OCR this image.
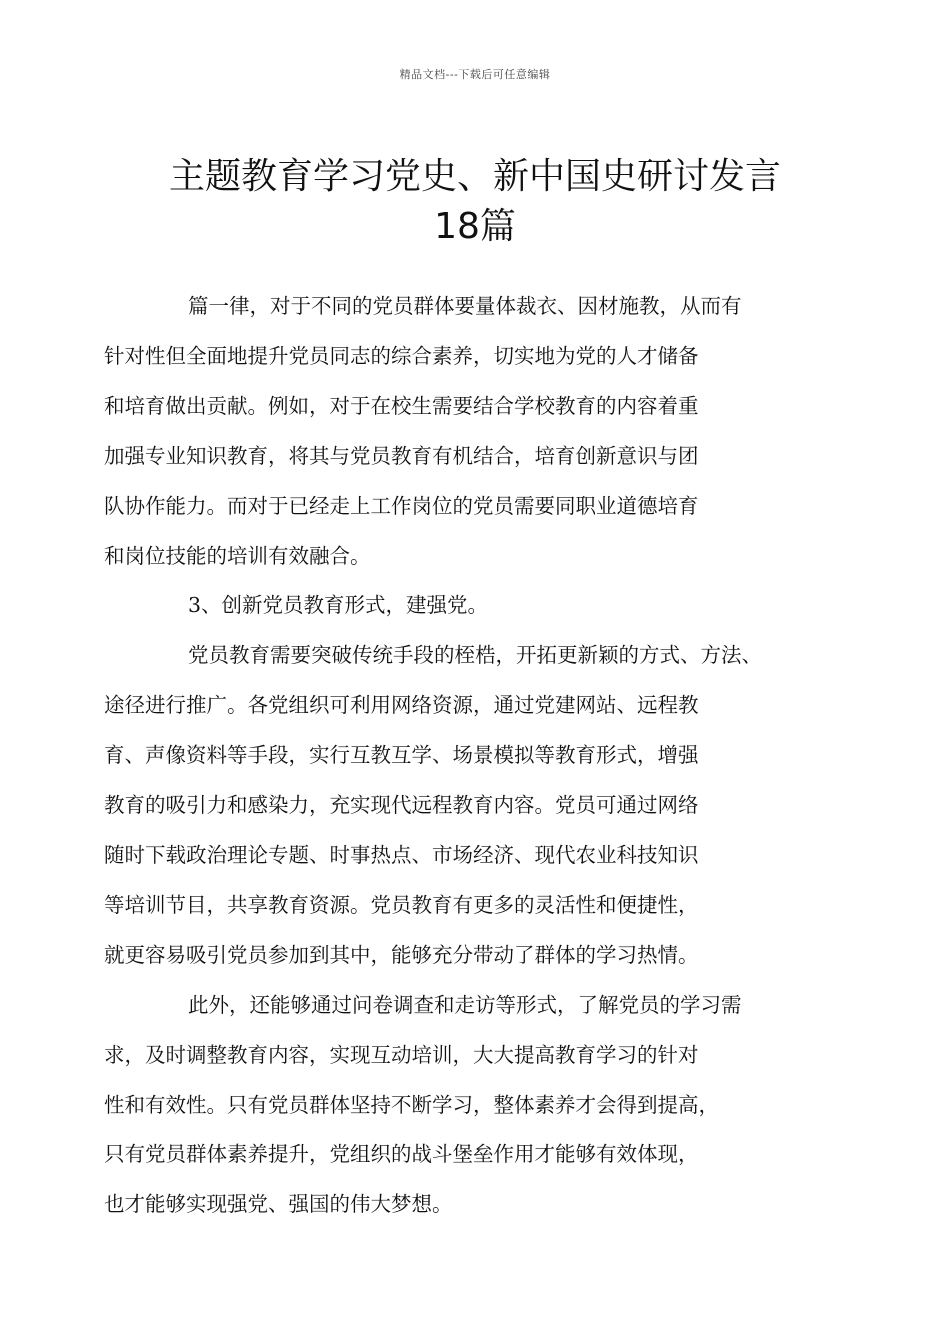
精品文档---下载后可任意编辑
主题教育学习党史、新中国史研讨发言
18篇

篇一律，对于不同的党员群体要量体裁衣、因材施教，从而有
针对性但全面地提升党员同志的综合素养，切实地为党的人才储备
和培育做出贡献。例如，对于在校生需要结合学校教育的内容着重
加强专业知识教育，将其与党员教育有机结合，培育创新意识与团
队协作能力。而对于已经走上工作岗位的党员需要同职业道德培育
和岗位技能的培训有效融合。

3、创新党员教育形式，建强党。

党员教育需要突破传统手段的桎梏，开拓更新颖的方式、方法、
途径进行推广。各党组织可利用网络资源，通过党建网站、远程教
育、声像资料等手段，实行互教互学、场景模拟等教育形式，增强
教育的吸引力和感染力，充实现代远程教育内容。党员可通过网络
随时下载政治理论专题、时事热点、市场经济、现代农业科技知识
等培训节目，共享教育资源。党员教育有更多的灵活性和便捷性，
就更容易吸引党员参加到其中，能够充分带动了群体的学习热情。

此外，还能够通过问卷调查和走访等形式，了解党员的学习需
求，及时调整教育内容，实现互动培训，大大提高教育学习的针对
性和有效性。只有党员群体坚持不断学习，整体素养才会得到提高，
只有党员群体素养提升，党组织的战斗堡垒作用才能够有效体现，
也才能够实现强党、强国的伟大梦想。
